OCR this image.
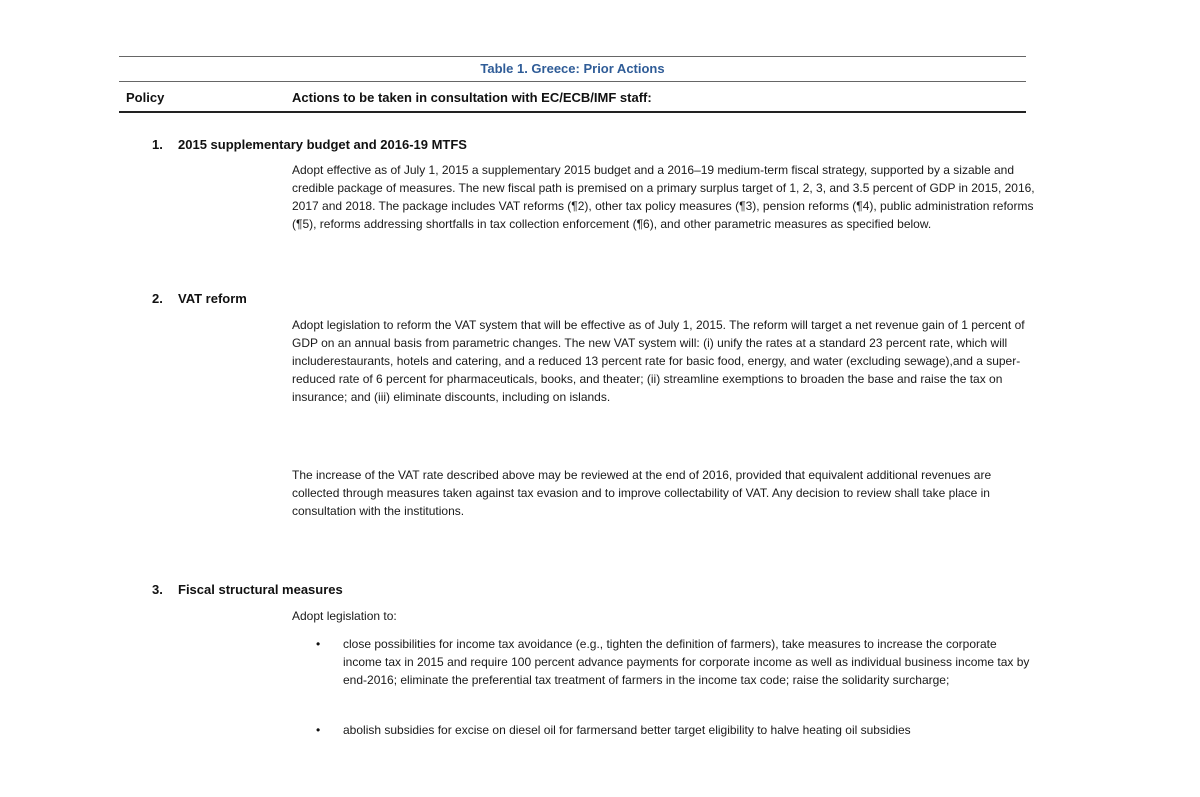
Table 1. Greece: Prior Actions
Policy	Actions to be taken in consultation with EC/ECB/IMF staff:
1. 2015 supplementary budget and 2016-19 MTFS

Adopt effective as of July 1, 2015 a supplementary 2015 budget and a 2016–19 medium-term fiscal strategy, supported by a sizable and credible package of measures. The new fiscal path is premised on a primary surplus target of 1, 2, 3, and 3.5 percent of GDP in 2015, 2016, 2017 and 2018. The package includes VAT reforms (¶2), other tax policy measures (¶3), pension reforms (¶4), public administration reforms (¶5), reforms addressing shortfalls in tax collection enforcement (¶6), and other parametric measures as specified below.

2. VAT reform

Adopt legislation to reform the VAT system that will be effective as of July 1, 2015. The reform will target a net revenue gain of 1 percent of GDP on an annual basis from parametric changes. The new VAT system will: (i) unify the rates at a standard 23 percent rate, which will includerestaurants, hotels and catering, and a reduced 13 percent rate for basic food, energy, and water (excluding sewage),and a super-reduced rate of 6 percent for pharmaceuticals, books, and theater; (ii) streamline exemptions to broaden the base and raise the tax on insurance; and (iii) eliminate discounts, including on islands.

The increase of the VAT rate described above may be reviewed at the end of 2016, provided that equivalent additional revenues are collected through measures taken against tax evasion and to improve collectability of VAT. Any decision to review shall take place in consultation with the institutions.

3. Fiscal structural measures

Adopt legislation to:

• close possibilities for income tax avoidance (e.g., tighten the definition of farmers), take measures to increase the corporate income tax in 2015 and require 100 percent advance payments for corporate income as well as individual business income tax by end-2016; eliminate the preferential tax treatment of farmers in the income tax code; raise the solidarity surcharge;

• abolish subsidies for excise on diesel oil for farmersand better target eligibility to halve heating oil subsidies
